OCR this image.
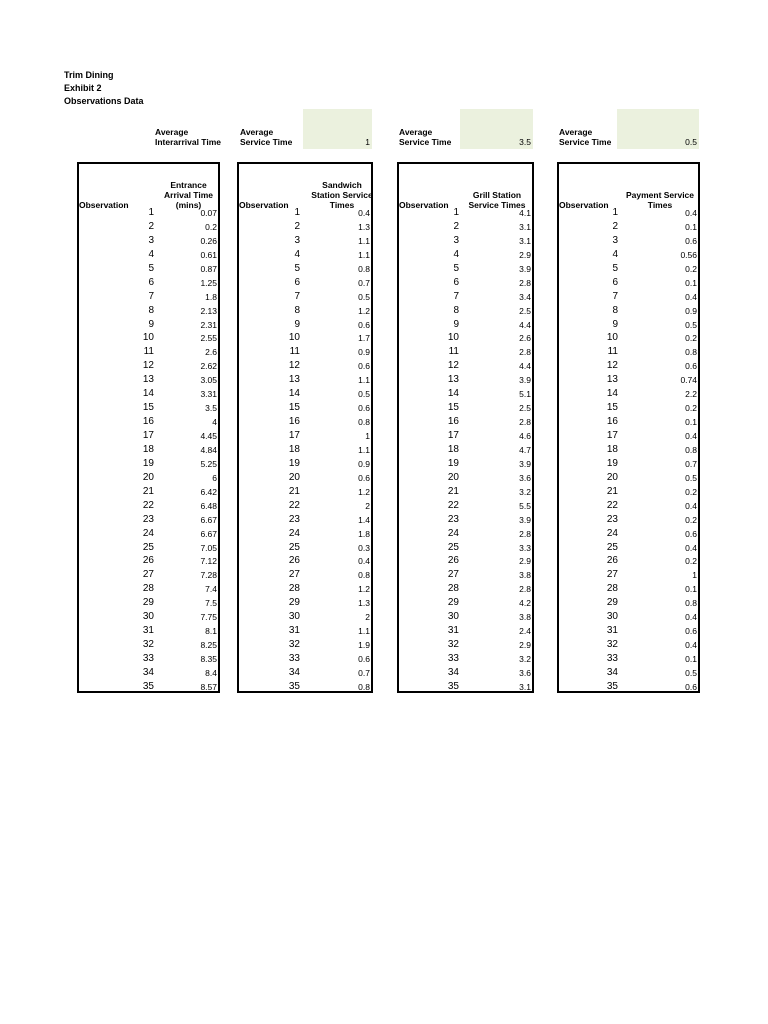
Trim Dining
Exhibit 2
Observations Data
Average Interarrival Time
Average Service Time	1
Average Service Time	3.5
Average Service Time	0.5
Observation
Entrance Arrival Time (mins)
1	0.07
2	0.2
3	0.26
4	0.61
5	0.87
6	1.25
7	1.8
8	2.13
9	2.31
10	2.55
11	2.6
12	2.62
13	3.05
14	3.31
15	3.5
16	4
17	4.45
18	4.84
19	5.25
20	6
21	6.42
22	6.48
23	6.67
24	6.67
25	7.05
26	7.12
27	7.28
28	7.4
29	7.5
30	7.75
31	8.1
32	8.25
33	8.35
34	8.4
35	8.57
Observation
Sandwich Station Service Times
1	0.4
2	1.3
3	1.1
4	1.1
5	0.8
6	0.7
7	0.5
8	1.2
9	0.6
10	1.7
11	0.9
12	0.6
13	1.1
14	0.5
15	0.6
16	0.8
17	1
18	1.1
19	0.9
20	0.6
21	1.2
22	2
23	1.4
24	1.8
25	0.3
26	0.4
27	0.8
28	1.2
29	1.3
30	2
31	1.1
32	1.9
33	0.6
34	0.7
35	0.8
Observation
Grill Station Service Times
1	4.1
2	3.1
3	3.1
4	2.9
5	3.9
6	2.8
7	3.4
8	2.5
9	4.4
10	2.6
11	2.8
12	4.4
13	3.9
14	5.1
15	2.5
16	2.8
17	4.6
18	4.7
19	3.9
20	3.6
21	3.2
22	5.5
23	3.9
24	2.8
25	3.3
26	2.9
27	3.8
28	2.8
29	4.2
30	3.8
31	2.4
32	2.9
33	3.2
34	3.6
35	3.1
Observation
Payment Service Times
1	0.4
2	0.1
3	0.6
4	0.56
5	0.2
6	0.1
7	0.4
8	0.9
9	0.5
10	0.2
11	0.8
12	0.6
13	0.74
14	2.2
15	0.2
16	0.1
17	0.4
18	0.8
19	0.7
20	0.5
21	0.2
22	0.4
23	0.2
24	0.6
25	0.4
26	0.2
27	1
28	0.1
29	0.8
30	0.4
31	0.6
32	0.4
33	0.1
34	0.5
35	0.6
